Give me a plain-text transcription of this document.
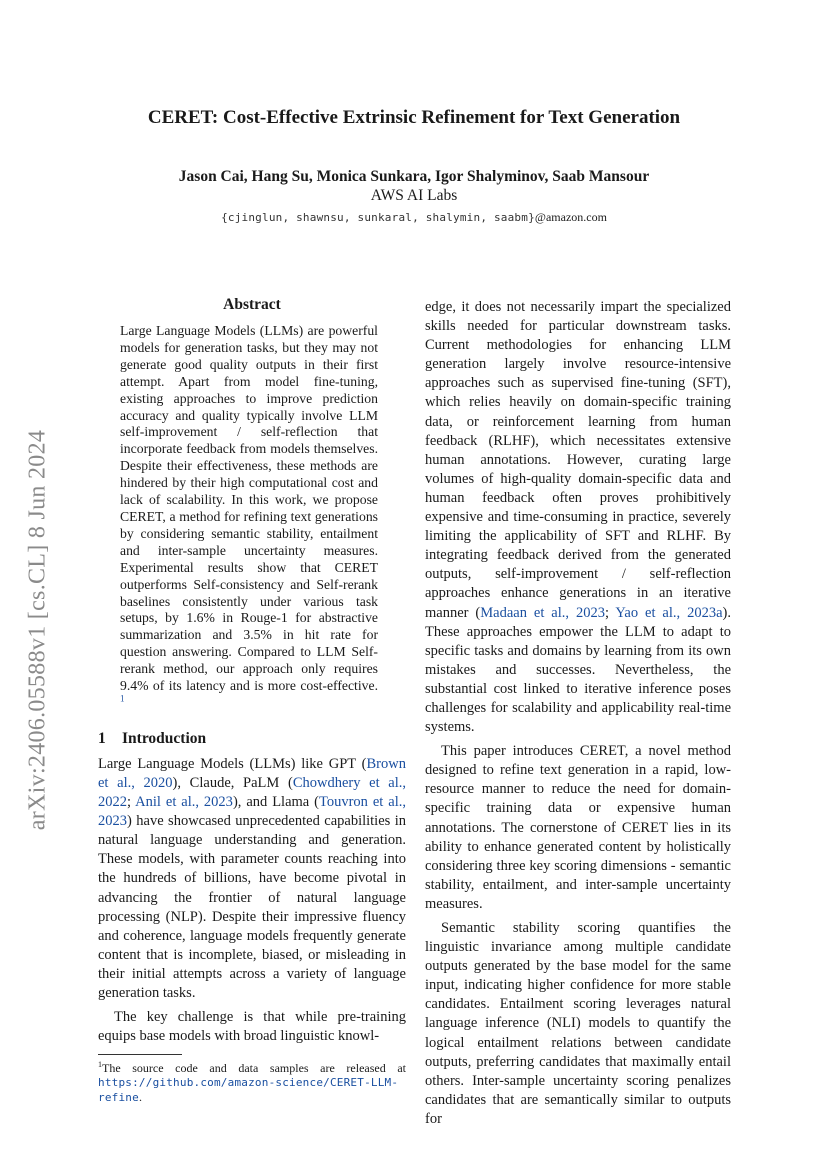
arXiv:2406.05588v1 [cs.CL] 8 Jun 2024
CERET: Cost-Effective Extrinsic Refinement for Text Generation
Jason Cai, Hang Su, Monica Sunkara, Igor Shalyminov, Saab Mansour
AWS AI Labs
{cjinglun, shawnsu, sunkaral, shalymin, saabm}@amazon.com
Abstract
Large Language Models (LLMs) are powerful models for generation tasks, but they may not generate good quality outputs in their first attempt. Apart from model fine-tuning, existing approaches to improve prediction accuracy and quality typically involve LLM self-improvement / self-reflection that incorporate feedback from models themselves. Despite their effectiveness, these methods are hindered by their high computational cost and lack of scalability. In this work, we propose CERET, a method for refining text generations by considering semantic stability, entailment and inter-sample uncertainty measures. Experimental results show that CERET outperforms Self-consistency and Self-rerank baselines consistently under various task setups, by 1.6% in Rouge-1 for abstractive summarization and 3.5% in hit rate for question answering. Compared to LLM Self-rerank method, our approach only requires 9.4% of its latency and is more cost-effective. $^1$
1 Introduction

Large Language Models (LLMs) like GPT (Brown et al., 2020), Claude, PaLM (Chowdhery et al., 2022; Anil et al., 2023), and Llama (Touvron et al., 2023) have showcased unprecedented capabilities in natural language understanding and generation. These models, with parameter counts reaching into the hundreds of billions, have become pivotal in advancing the frontier of natural language processing (NLP). Despite their impressive fluency and coherence, language models frequently generate content that is incomplete, biased, or misleading in their initial attempts across a variety of language generation tasks.

The key challenge is that while pre-training equips base models with broad linguistic knowl-

$^1$The source code and data samples are released at https://github.com/amazon-science/CERET-LLM-refine.

edge, it does not necessarily impart the specialized skills needed for particular downstream tasks. Current methodologies for enhancing LLM generation largely involve resource-intensive approaches such as supervised fine-tuning (SFT), which relies heavily on domain-specific training data, or reinforcement learning from human feedback (RLHF), which necessitates extensive human annotations. However, curating large volumes of high-quality domain-specific data and human feedback often proves prohibitively expensive and time-consuming in practice, severely limiting the applicability of SFT and RLHF. By integrating feedback derived from the generated outputs, self-improvement / self-reflection approaches enhance generations in an iterative manner (Madaan et al., 2023; Yao et al., 2023a). These approaches empower the LLM to adapt to specific tasks and domains by learning from its own mistakes and successes. Nevertheless, the substantial cost linked to iterative inference poses challenges for scalability and applicability real-time systems.

This paper introduces CERET, a novel method designed to refine text generation in a rapid, low-resource manner to reduce the need for domain-specific training data or expensive human annotations. The cornerstone of CERET lies in its ability to enhance generated content by holistically considering three key scoring dimensions - semantic stability, entailment, and inter-sample uncertainty measures.

Semantic stability scoring quantifies the linguistic invariance among multiple candidate outputs generated by the base model for the same input, indicating higher confidence for more stable candidates. Entailment scoring leverages natural language inference (NLI) models to quantify the logical entailment relations between candidate outputs, preferring candidates that maximally entail others. Inter-sample uncertainty scoring penalizes candidates that are semantically similar to outputs for
